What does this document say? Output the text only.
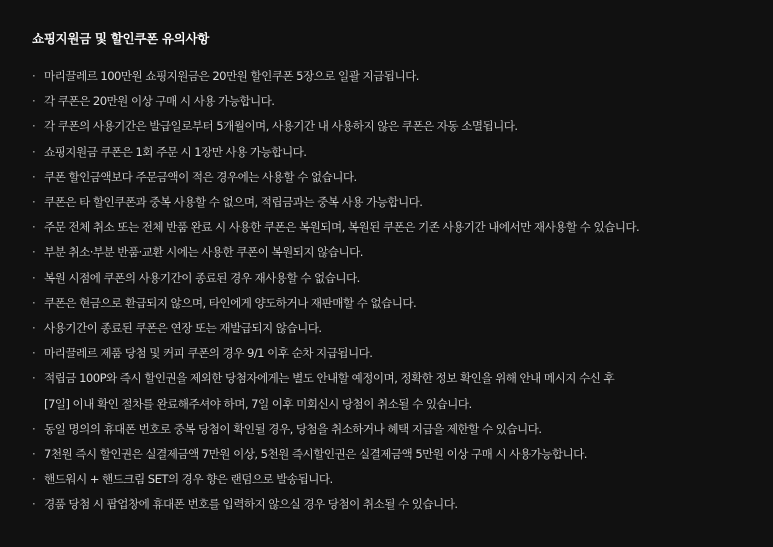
쇼핑지원금 및 할인쿠폰 유의사항
· 마리끌레르 100만원 쇼핑지원금은 20만원 할인쿠폰 5장으로 일괄 지급됩니다.
· 각 쿠폰은 20만원 이상 구매 시 사용 가능합니다.
· 각 쿠폰의 사용기간은 발급일로부터 5개월이며, 사용기간 내 사용하지 않은 쿠폰은 자동 소멸됩니다.
· 쇼핑지원금 쿠폰은 1회 주문 시 1장만 사용 가능합니다.
· 쿠폰 할인금액보다 주문금액이 적은 경우에는 사용할 수 없습니다.
· 쿠폰은 타 할인쿠폰과 중복 사용할 수 없으며, 적립금과는 중복 사용 가능합니다.
· 주문 전체 취소 또는 전체 반품 완료 시 사용한 쿠폰은 복원되며, 복원된 쿠폰은 기존 사용기간 내에서만 재사용할 수 있습니다.
· 부분 취소·부분 반품·교환 시에는 사용한 쿠폰이 복원되지 않습니다.
· 복원 시점에 쿠폰의 사용기간이 종료된 경우 재사용할 수 없습니다.
· 쿠폰은 현금으로 환급되지 않으며, 타인에게 양도하거나 재판매할 수 없습니다.
· 사용기간이 종료된 쿠폰은 연장 또는 재발급되지 않습니다.
· 마리끌레르 제품 당첨 및 커피 쿠폰의 경우 9/1 이후 순차 지급됩니다.
· 적립금 100P와 즉시 할인권을 제외한 당첨자에게는 별도 안내할 예정이며, 정확한 정보 확인을 위해 안내 메시지 수신 후
[7일] 이내 확인 절차를 완료해주셔야 하며, 7일 이후 미회신시 당첨이 취소될 수 있습니다.
· 동일 명의의 휴대폰 번호로 중복 당첨이 확인될 경우, 당첨을 취소하거나 혜택 지급을 제한할 수 있습니다.
· 7천원 즉시 할인권은 실결제금액 7만원 이상, 5천원 즉시할인권은 실결제금액 5만원 이상 구매 시 사용가능합니다.
· 핸드워시 + 핸드크림 SET의 경우 향은 랜덤으로 발송됩니다.
· 경품 당첨 시 팝업창에 휴대폰 번호를 입력하지 않으실 경우 당첨이 취소될 수 있습니다.
